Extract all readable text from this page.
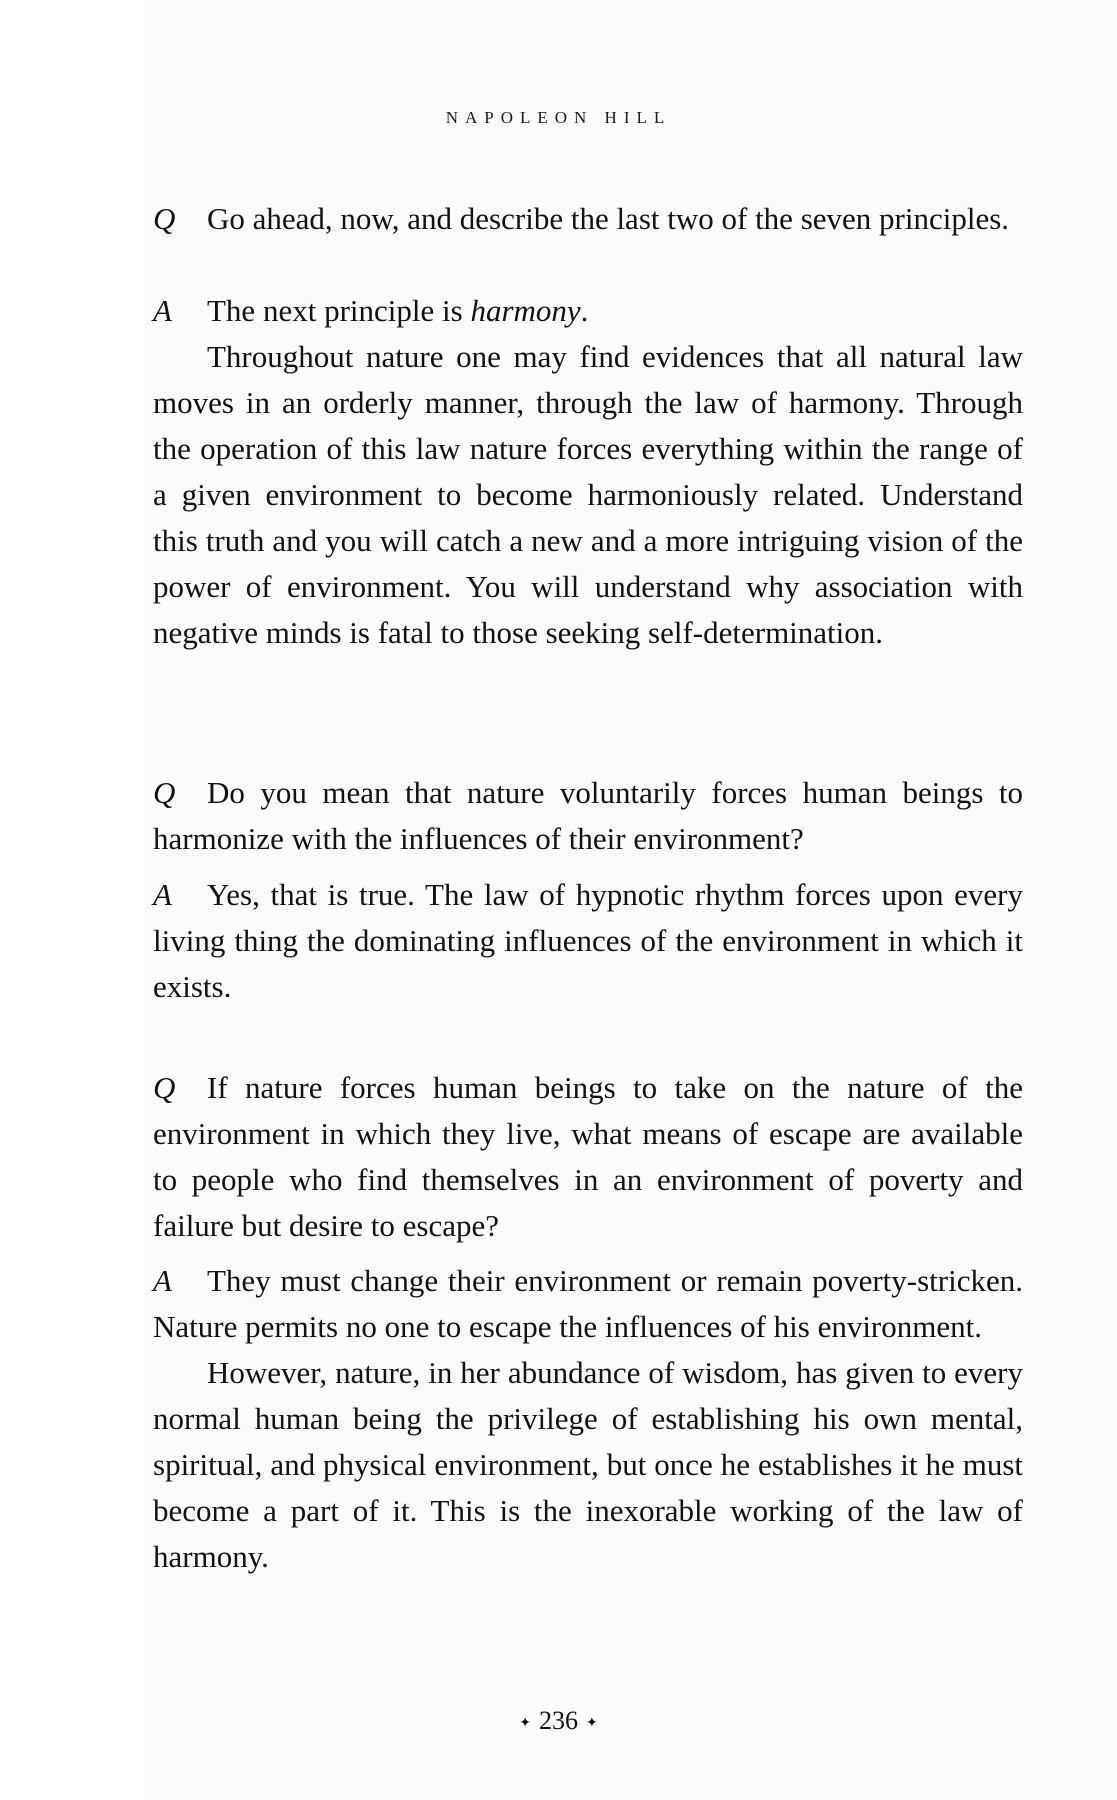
NAPOLEON HILL

Q Go ahead, now, and describe the last two of the seven principles.

A The next principle is harmony.

Throughout nature one may find evidences that all natural law moves in an orderly manner, through the law of harmony. Through the operation of this law nature forces everything within the range of a given environment to become harmoniously related. Understand this truth and you will catch a new and a more intriguing vision of the power of environment. You will understand why association with negative minds is fatal to those seeking self-determination.

Q Do you mean that nature voluntarily forces human beings to harmonize with the influences of their environment?

A Yes, that is true. The law of hypnotic rhythm forces upon every living thing the dominating influences of the environment in which it exists.

Q If nature forces human beings to take on the nature of the environment in which they live, what means of escape are available to people who find themselves in an environment of poverty and failure but desire to escape?

A They must change their environment or remain poverty-stricken. Nature permits no one to escape the influences of his environment.

However, nature, in her abundance of wisdom, has given to every normal human being the privilege of establishing his own mental, spiritual, and physical environment, but once he establishes it he must become a part of it. This is the inexorable working of the law of harmony.

✦ 236 ✦
